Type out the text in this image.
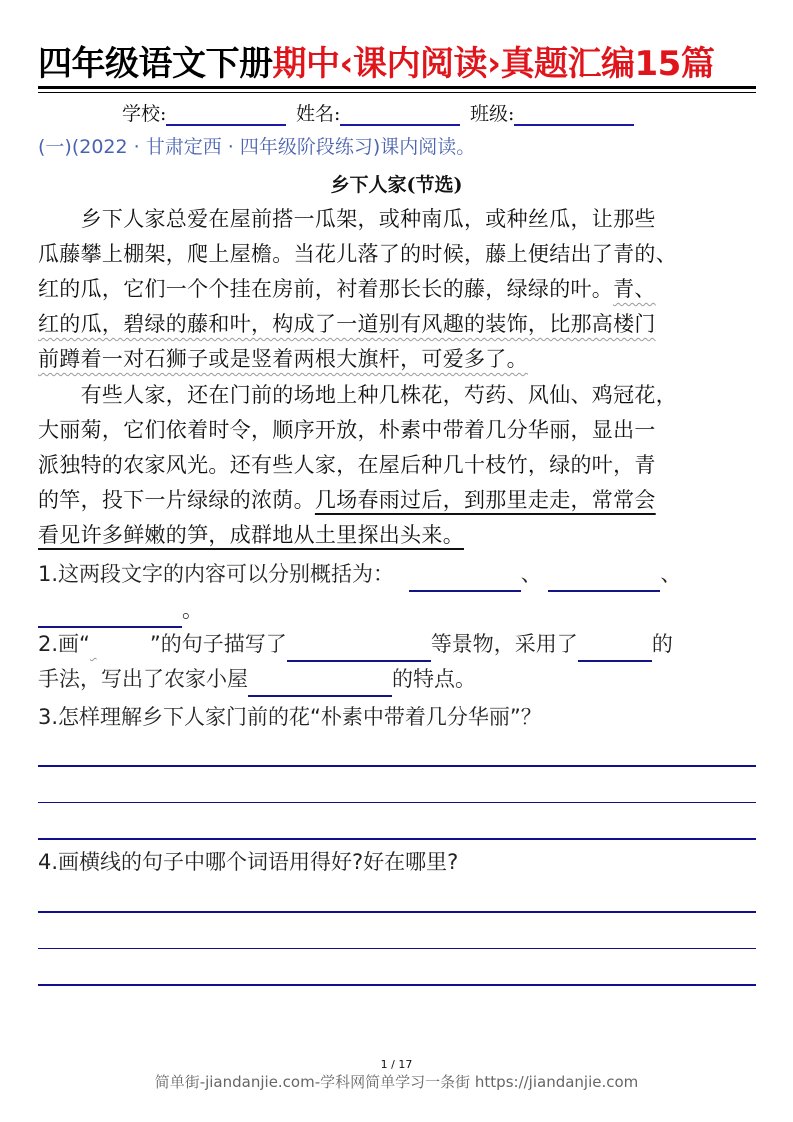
四年级语文下册期中‹课内阅读›真题汇编15篇
学校:	姓名:	班级:
(一)(2022 · 甘肃定西 · 四年级阶段练习)课内阅读。
乡下人家(节选)
　　乡下人家总爱在屋前搭一瓜架，或种南瓜，或种丝瓜，让那些
瓜藤攀上棚架，爬上屋檐。当花儿落了的时候，藤上便结出了青的、
红的瓜，它们一个个挂在房前，衬着那长长的藤，绿绿的叶。青、
红的瓜，碧绿的藤和叶，构成了一道别有风趣的装饰，比那高楼门
前蹲着一对石狮子或是竖着两根大旗杆，可爱多了。
　　有些人家，还在门前的场地上种几株花，芍药、风仙、鸡冠花，
大丽菊，它们依着时令，顺序开放，朴素中带着几分华丽，显出一
派独特的农家风光。还有些人家，在屋后种几十枝竹，绿的叶，青
的竿，投下一片绿绿的浓荫。几场春雨过后，到那里走走，常常会
看见许多鲜嫩的笋，成群地从土里探出头来。
1.这两段文字的内容可以分别概括为：	、	、
。
2.画“	”的句子描写了	等景物，采用了	的
手法，写出了农家小屋	的特点。
3.怎样理解乡下人家门前的花“朴素中带着几分华丽”？
4.画横线的句子中哪个词语用得好?好在哪里?
1 / 17
简单街-jiandanjie.com-学科网简单学习一条街 https://jiandanjie.com
